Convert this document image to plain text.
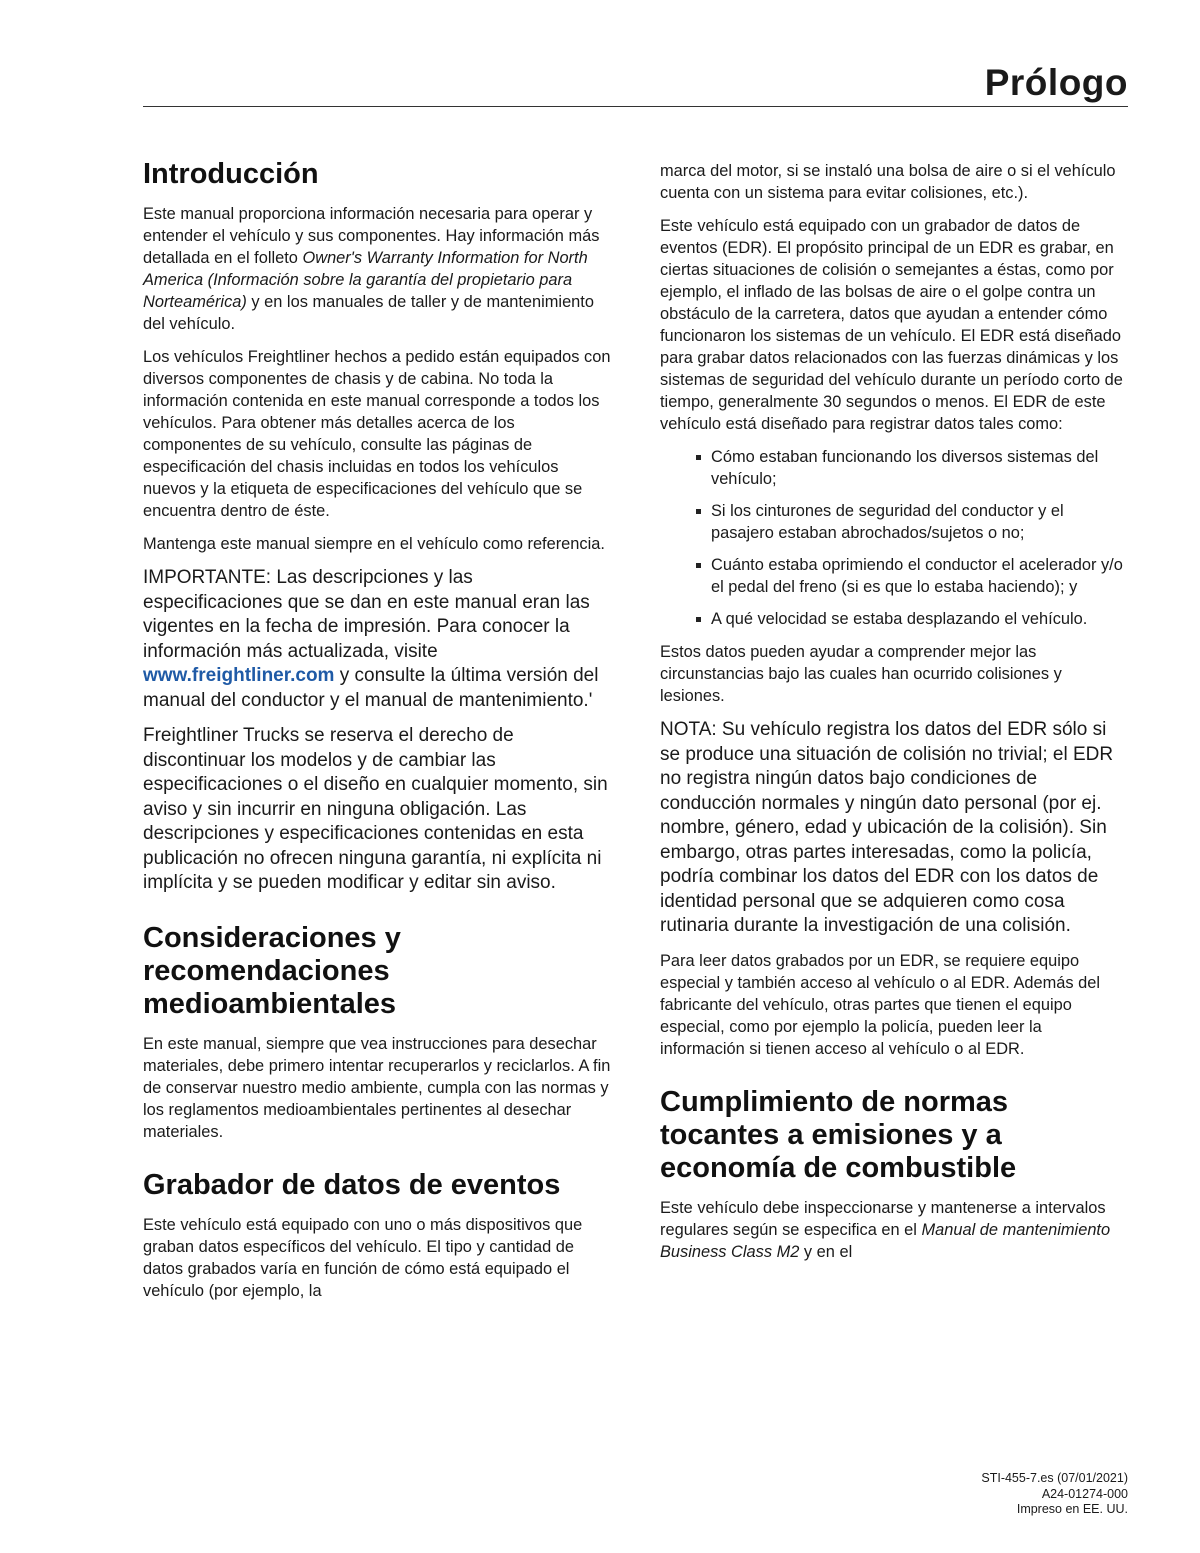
Prólogo
Introducción

Este manual proporciona información necesaria para operar y entender el vehículo y sus componentes. Hay información más detallada en el folleto Owner's Warranty Information for North America (Información sobre la garantía del propietario para Norteamérica) y en los manuales de taller y de mantenimiento del vehículo.

Los vehículos Freightliner hechos a pedido están equipados con diversos componentes de chasis y de cabina. No toda la información contenida en este manual corresponde a todos los vehículos. Para obtener más detalles acerca de los componentes de su vehículo, consulte las páginas de especificación del chasis incluidas en todos los vehículos nuevos y la etiqueta de especificaciones del vehículo que se encuentra dentro de éste.

Mantenga este manual siempre en el vehículo como referencia.

IMPORTANTE: Las descripciones y las especificaciones que se dan en este manual eran las vigentes en la fecha de impresión. Para conocer la información más actualizada, visite www.freightliner.com y consulte la última versión del manual del conductor y el manual de mantenimiento.'

Freightliner Trucks se reserva el derecho de discontinuar los modelos y de cambiar las especificaciones o el diseño en cualquier momento, sin aviso y sin incurrir en ninguna obligación. Las descripciones y especificaciones contenidas en esta publicación no ofrecen ninguna garantía, ni explícita ni implícita y se pueden modificar y editar sin aviso.

Consideraciones y recomendaciones medioambientales

En este manual, siempre que vea instrucciones para desechar materiales, debe primero intentar recuperarlos y reciclarlos. A fin de conservar nuestro medio ambiente, cumpla con las normas y los reglamentos medioambientales pertinentes al desechar materiales.

Grabador de datos de eventos

Este vehículo está equipado con uno o más dispositivos que graban datos específicos del vehículo. El tipo y cantidad de datos grabados varía en función de cómo está equipado el vehículo (por ejemplo, la

marca del motor, si se instaló una bolsa de aire o si el vehículo cuenta con un sistema para evitar colisiones, etc.).

Este vehículo está equipado con un grabador de datos de eventos (EDR). El propósito principal de un EDR es grabar, en ciertas situaciones de colisión o semejantes a éstas, como por ejemplo, el inflado de las bolsas de aire o el golpe contra un obstáculo de la carretera, datos que ayudan a entender cómo funcionaron los sistemas de un vehículo. El EDR está diseñado para grabar datos relacionados con las fuerzas dinámicas y los sistemas de seguridad del vehículo durante un período corto de tiempo, generalmente 30 segundos o menos. El EDR de este vehículo está diseñado para registrar datos tales como:

Cómo estaban funcionando los diversos sistemas del vehículo;
Si los cinturones de seguridad del conductor y el pasajero estaban abrochados/sujetos o no;
Cuánto estaba oprimiendo el conductor el acelerador y/o el pedal del freno (si es que lo estaba haciendo); y
A qué velocidad se estaba desplazando el vehículo.

Estos datos pueden ayudar a comprender mejor las circunstancias bajo las cuales han ocurrido colisiones y lesiones.

NOTA: Su vehículo registra los datos del EDR sólo si se produce una situación de colisión no trivial; el EDR no registra ningún datos bajo condiciones de conducción normales y ningún dato personal (por ej. nombre, género, edad y ubicación de la colisión). Sin embargo, otras partes interesadas, como la policía, podría combinar los datos del EDR con los datos de identidad personal que se adquieren como cosa rutinaria durante la investigación de una colisión.

Para leer datos grabados por un EDR, se requiere equipo especial y también acceso al vehículo o al EDR. Además del fabricante del vehículo, otras partes que tienen el equipo especial, como por ejemplo la policía, pueden leer la información si tienen acceso al vehículo o al EDR.

Cumplimiento de normas tocantes a emisiones y a economía de combustible

Este vehículo debe inspeccionarse y mantenerse a intervalos regulares según se especifica en el Manual de mantenimiento Business Class M2 y en el

STI-455-7.es (07/01/2021)
A24-01274-000
Impreso en EE. UU.
